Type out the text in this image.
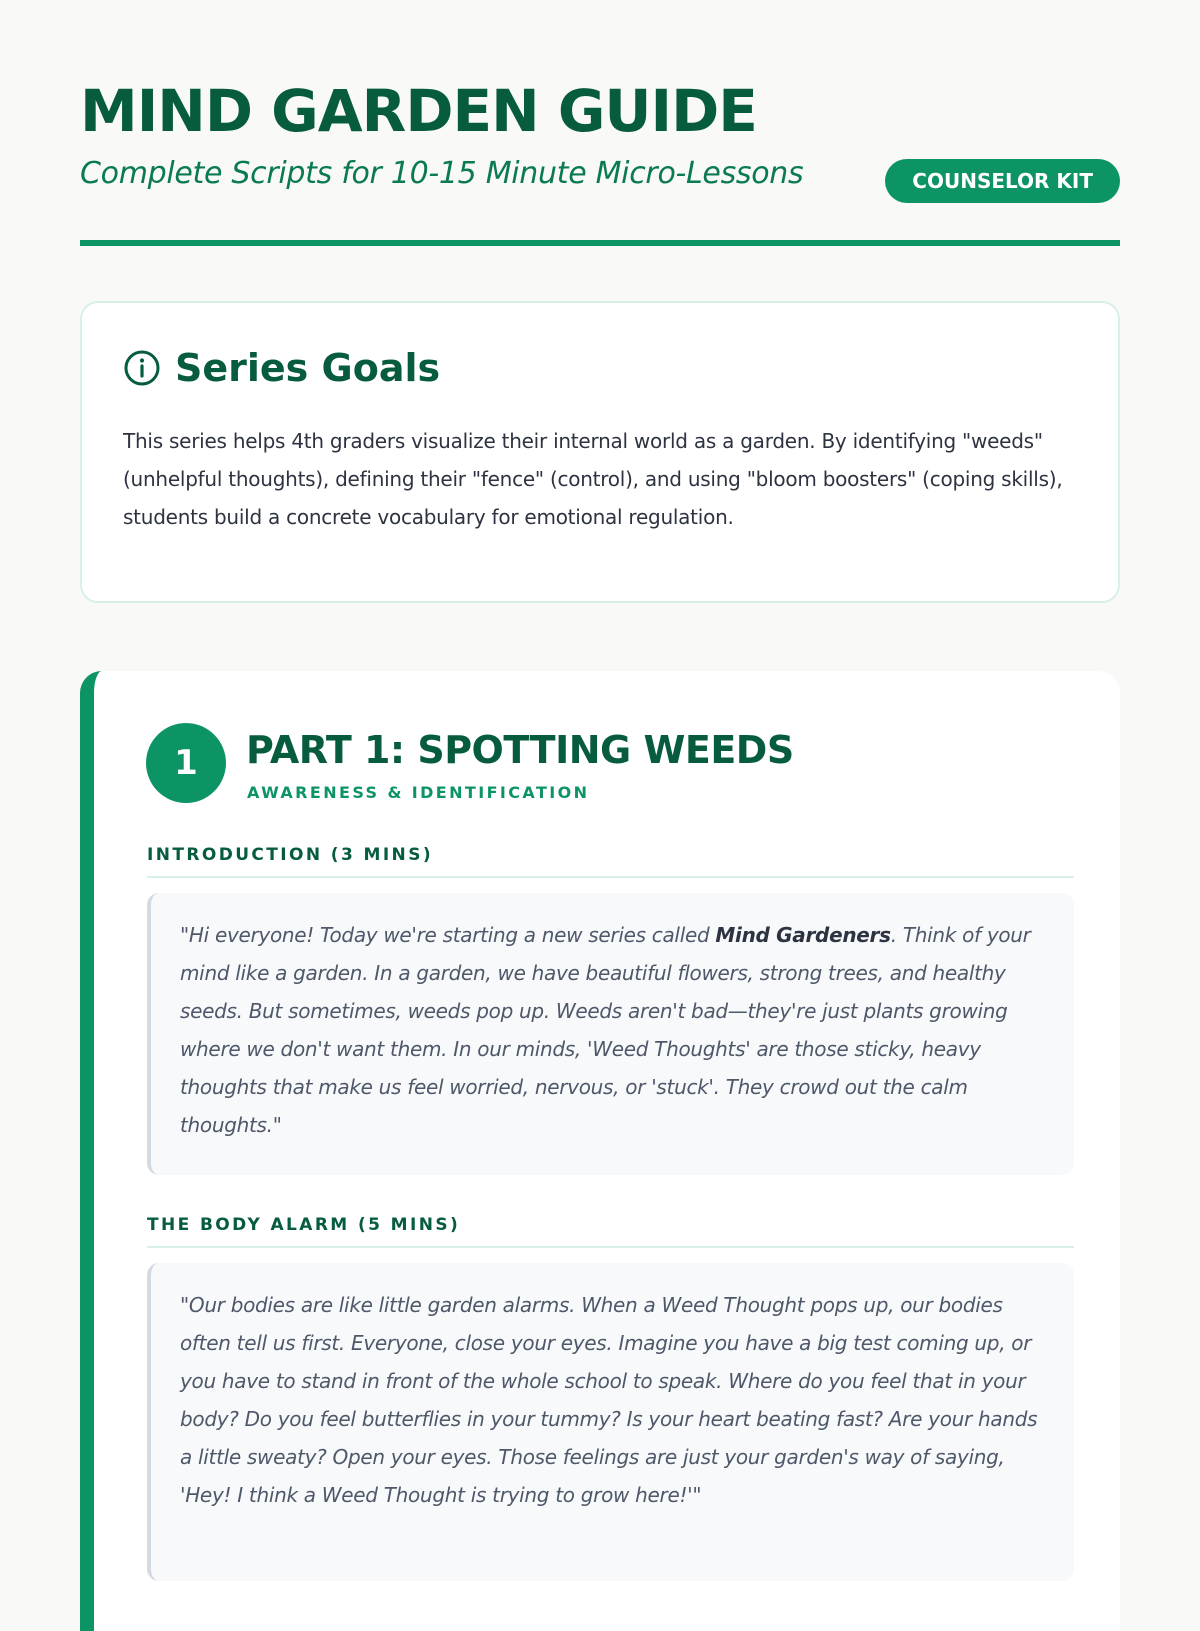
MIND GARDEN GUIDE

Complete Scripts for 10-15 Minute Micro-Lessons	COUNSELOR KIT
Series Goals

This series helps 4th graders visualize their internal world as a garden. By identifying "weeds" (unhelpful thoughts), defining their "fence" (control), and using "bloom boosters" (coping skills), students build a concrete vocabulary for emotional regulation.

1	PART 1: SPOTTING WEEDS

AWARENESS & IDENTIFICATION

INTRODUCTION (3 MINS)

"Hi everyone! Today we're starting a new series called Mind Gardeners. Think of your mind like a garden. In a garden, we have beautiful flowers, strong trees, and healthy seeds. But sometimes, weeds pop up. Weeds aren't bad—they're just plants growing where we don't want them. In our minds, 'Weed Thoughts' are those sticky, heavy thoughts that make us feel worried, nervous, or 'stuck'. They crowd out the calm thoughts."

THE BODY ALARM (5 MINS)

"Our bodies are like little garden alarms. When a Weed Thought pops up, our bodies often tell us first. Everyone, close your eyes. Imagine you have a big test coming up, or you have to stand in front of the whole school to speak. Where do you feel that in your body? Do you feel butterflies in your tummy? Is your heart beating fast? Are your hands a little sweaty? Open your eyes. Those feelings are just your garden's way of saying, 'Hey! I think a Weed Thought is trying to grow here!'"
